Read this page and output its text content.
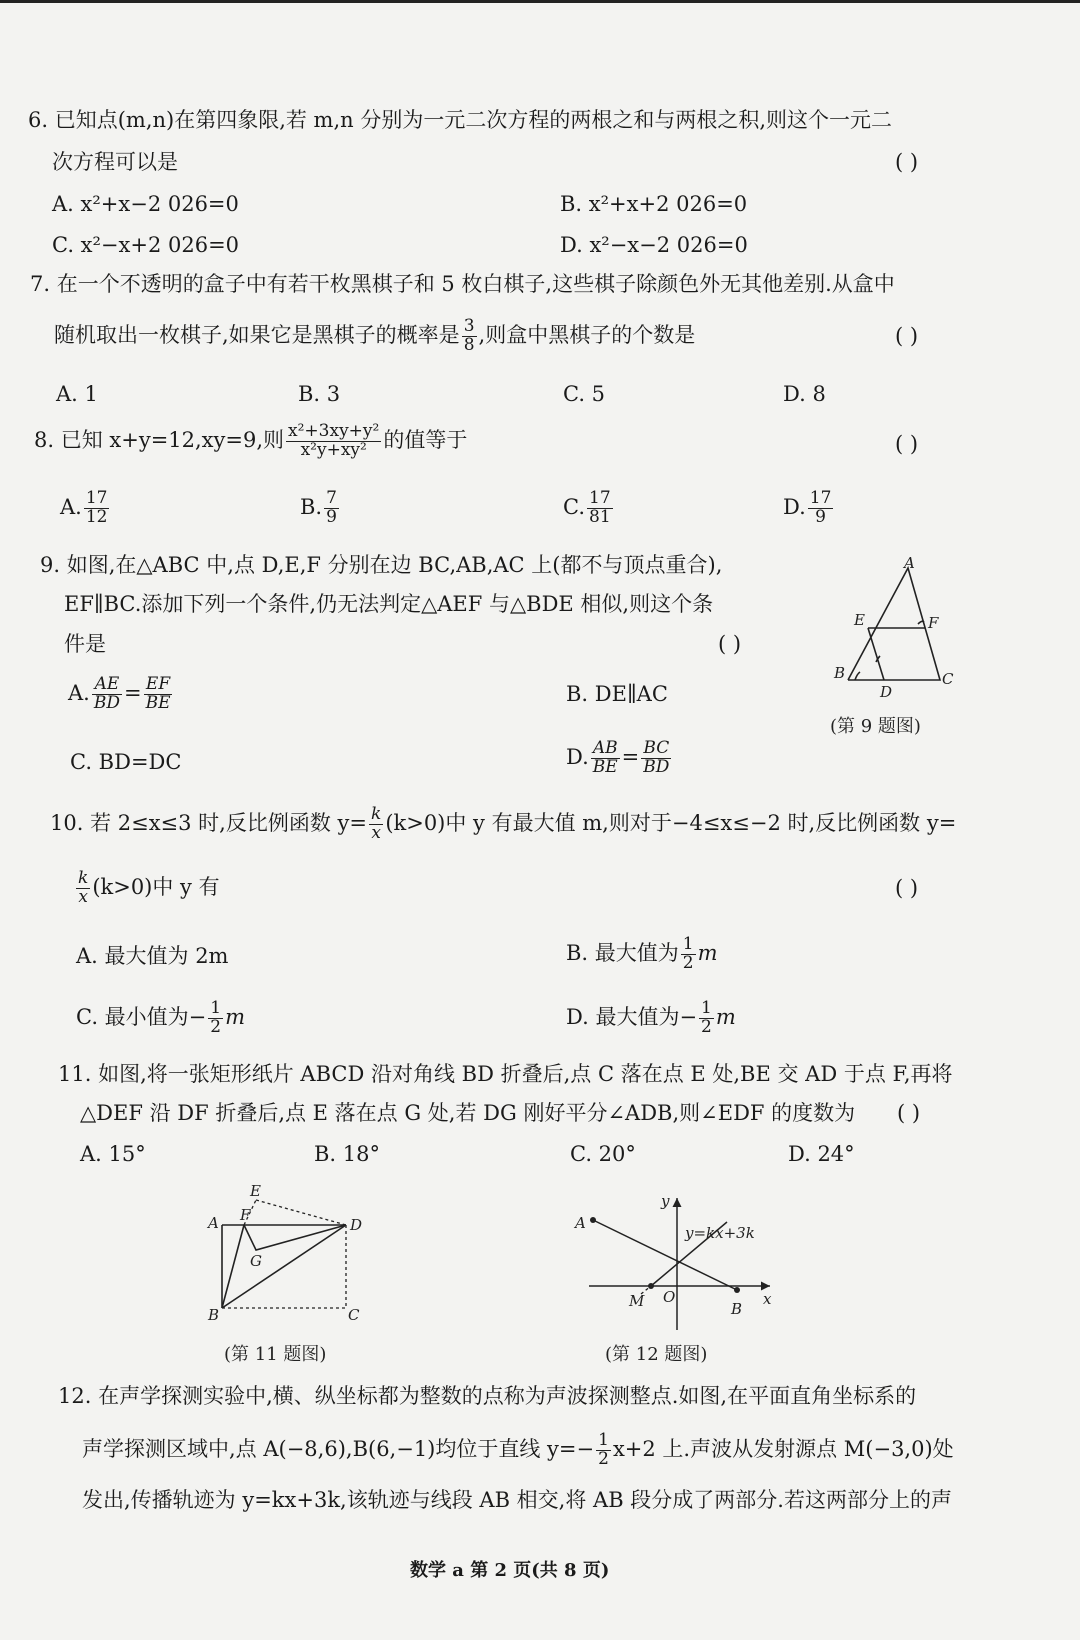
6. 已知点(m,n)在第四象限,若 m,n 分别为一元二次方程的两根之和与两根之积,则这个一元二
次方程可以是	( )
A. x²+x−2 026=0	B. x²+x+2 026=0
C. x²−x+2 026=0	D. x²−x−2 026=0
7. 在一个不透明的盒子中有若干枚黑棋子和 5 枚白棋子,这些棋子除颜色外无其他差别.从盒中
随机取出一枚棋子,如果它是黑棋子的概率是 $\frac{3}{8}$ ,则盒中黑棋子的个数是	( )
A. 1	B. 3	C. 5	D. 8
8. 已知 x+y=12,xy=9,则 $\frac{\text{x²+3xy+y²}}{\text{x²y+xy²}}$ 的值等于	( )
A. $\frac{17}{12}$	B. $\frac{7}{9}$	C. $\frac{17}{81}$	D. $\frac{17}{9}$
9. 如图,在△ABC 中,点 D,E,F 分别在边 BC,AB,AC 上(都不与顶点重合),
EF∥BC.添加下列一个条件,仍无法判定△AEF 与△BDE 相似,则这个条
件是	( )
A. $\frac{AE}{BD} = \frac{EF}{BE}$	B. DE∥AC
C. BD=DC	D. $\frac{AB}{BE} = \frac{BC}{BD}$
A
E	F
B	C
D
(第 9 题图)
10. 若 2≤x≤3 时,反比例函数 $y= \frac{k}{x} (k>0)$中 y 有最大值 m,则对于−4≤x≤−2 时,反比例函数 y=
$\frac{k}{x} (k>0)$中 y 有	( )
A. 最大值为 2m	B. 最大值为 $\frac{1}{2}$ m
C. 最小值为− $\frac{1}{2}$ m	D. 最大值为− $\frac{1}{2}$ m
11. 如图,将一张矩形纸片 ABCD 沿对角线 BD 折叠后,点 C 落在点 E 处,BE 交 AD 于点 F,再将
△DEF 沿 DF 折叠后,点 E 落在点 G 处,若 DG 刚好平分∠ADB,则∠EDF 的度数为 ( )
A. 15°	B. 18°	C. 20°	D. 24°
E
A F
D
G
B	C
(第 11 题图)
y
y=kx+3k
A
x
M O
B
(第 12 题图)
12. 在声学探测实验中,横、纵坐标都为整数的点称为声波探测整点.如图,在平面直角坐标系的
声学探测区域中,点 A(−8,6),B(6,−1)均位于直线 $y=- \frac{1}{2} x+2$ 上.声波从发射源点 M(−3,0)处
发出,传播轨迹为 y=kx+3k,该轨迹与线段 AB 相交,将 AB 段分成了两部分.若这两部分上的声
数学 a 第 2 页(共 8 页)
